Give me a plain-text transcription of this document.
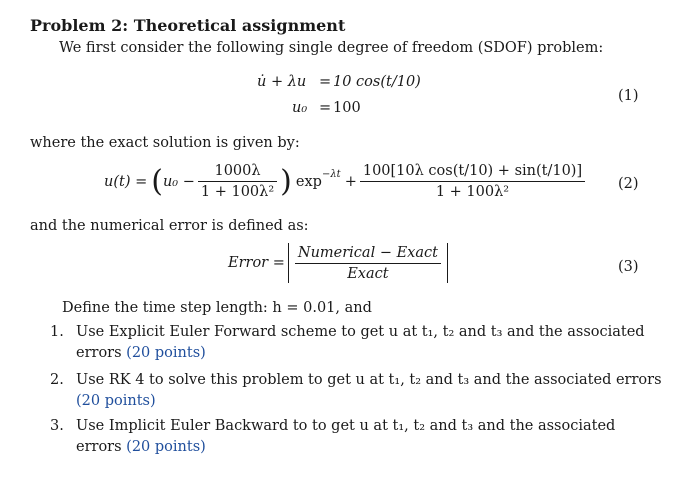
Problem 2: Theoretical assignment
We first consider the following single degree of freedom (SDOF) problem:
u̇ + λu = 10 cos(t/10)
u₀ = 100
(1)
where the exact solution is given by:
u(t) = ( $u_0 - \frac{1000\lambda}{\text{1 + 100λ²}}$ ) $\exp^{-\lambda t} + \frac{\text{100[10λ cos(t/10) + sin(t/10)]}}{\text{1 + 100λ²}} (2)$
and the numerical error is defined as:
Error = $\frac{\text{Numerical − Exact}}{\text{Exact}}$	(3)
Define the time step length: h = 0.01, and
1. Use Explicit Euler Forward scheme to get u at t₁, t₂ and t₃ and the associated
errors (20 points)
2. Use RK 4 to solve this problem to get u at t₁, t₂ and t₃ and the associated errors
(20 points)
3. Use Implicit Euler Backward to to get u at t₁, t₂ and t₃ and the associated
errors (20 points)
